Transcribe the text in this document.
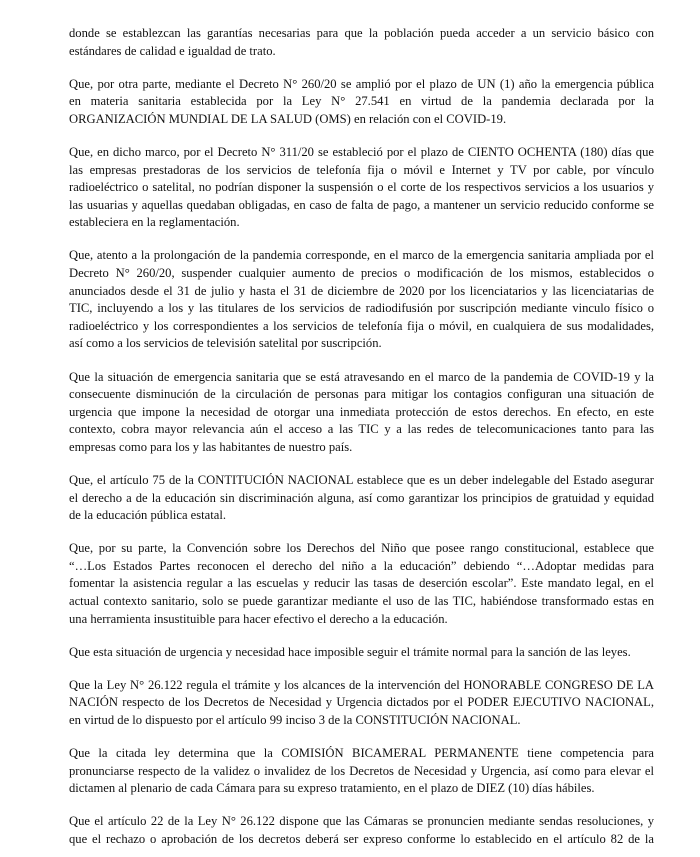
donde se establezcan las garantías necesarias para que la población pueda acceder a un servicio básico con
estándares de calidad e igualdad de trato.
Que, por otra parte, mediante el Decreto N° 260/20 se amplió por el plazo de UN (1) año la emergencia pública
en materia sanitaria establecida por la Ley N° 27.541 en virtud de la pandemia declarada por la
ORGANIZACIÓN MUNDIAL DE LA SALUD (OMS) en relación con el COVID-19.
Que, en dicho marco, por el Decreto N° 311/20 se estableció por el plazo de CIENTO OCHENTA (180) días que
las empresas prestadoras de los servicios de telefonía fija o móvil e Internet y TV por cable, por vínculo
radioeléctrico o satelital, no podrían disponer la suspensión o el corte de los respectivos servicios a los usuarios y
las usuarias y aquellas quedaban obligadas, en caso de falta de pago, a mantener un servicio reducido conforme se
estableciera en la reglamentación.
Que, atento a la prolongación de la pandemia corresponde, en el marco de la emergencia sanitaria ampliada por el
Decreto N° 260/20, suspender cualquier aumento de precios o modificación de los mismos, establecidos o
anunciados desde el 31 de julio y hasta el 31 de diciembre de 2020 por los licenciatarios y las licenciatarias de
TIC, incluyendo a los y las titulares de los servicios de radiodifusión por suscripción mediante vinculo físico o
radioeléctrico y los correspondientes a los servicios de telefonía fija o móvil, en cualquiera de sus modalidades,
así como a los servicios de televisión satelital por suscripción.
Que la situación de emergencia sanitaria que se está atravesando en el marco de la pandemia de COVID-19 y la
consecuente disminución de la circulación de personas para mitigar los contagios configuran una situación de
urgencia que impone la necesidad de otorgar una inmediata protección de estos derechos. En efecto, en este
contexto, cobra mayor relevancia aún el acceso a las TIC y a las redes de telecomunicaciones tanto para las
empresas como para los y las habitantes de nuestro país.
Que, el artículo 75 de la CONTITUCIÓN NACIONAL establece que es un deber indelegable del Estado asegurar
el derecho a de la educación sin discriminación alguna, así como garantizar los principios de gratuidad y equidad
de la educación pública estatal.
Que, por su parte, la Convención sobre los Derechos del Niño que posee rango constitucional, establece que
“…Los Estados Partes reconocen el derecho del niño a la educación” debiendo “…Adoptar medidas para
fomentar la asistencia regular a las escuelas y reducir las tasas de deserción escolar”. Este mandato legal, en el
actual contexto sanitario, solo se puede garantizar mediante el uso de las TIC, habiéndose transformado estas en
una herramienta insustituible para hacer efectivo el derecho a la educación.
Que esta situación de urgencia y necesidad hace imposible seguir el trámite normal para la sanción de las leyes.
Que la Ley N° 26.122 regula el trámite y los alcances de la intervención del HONORABLE CONGRESO DE LA
NACIÓN respecto de los Decretos de Necesidad y Urgencia dictados por el PODER EJECUTIVO NACIONAL,
en virtud de lo dispuesto por el artículo 99 inciso 3 de la CONSTITUCIÓN NACIONAL.
Que la citada ley determina que la COMISIÓN BICAMERAL PERMANENTE tiene competencia para
pronunciarse respecto de la validez o invalidez de los Decretos de Necesidad y Urgencia, así como para elevar el
dictamen al plenario de cada Cámara para su expreso tratamiento, en el plazo de DIEZ (10) días hábiles.
Que el artículo 22 de la Ley N° 26.122 dispone que las Cámaras se pronuncien mediante sendas resoluciones, y
que el rechazo o aprobación de los decretos deberá ser expreso conforme lo establecido en el artículo 82 de la
